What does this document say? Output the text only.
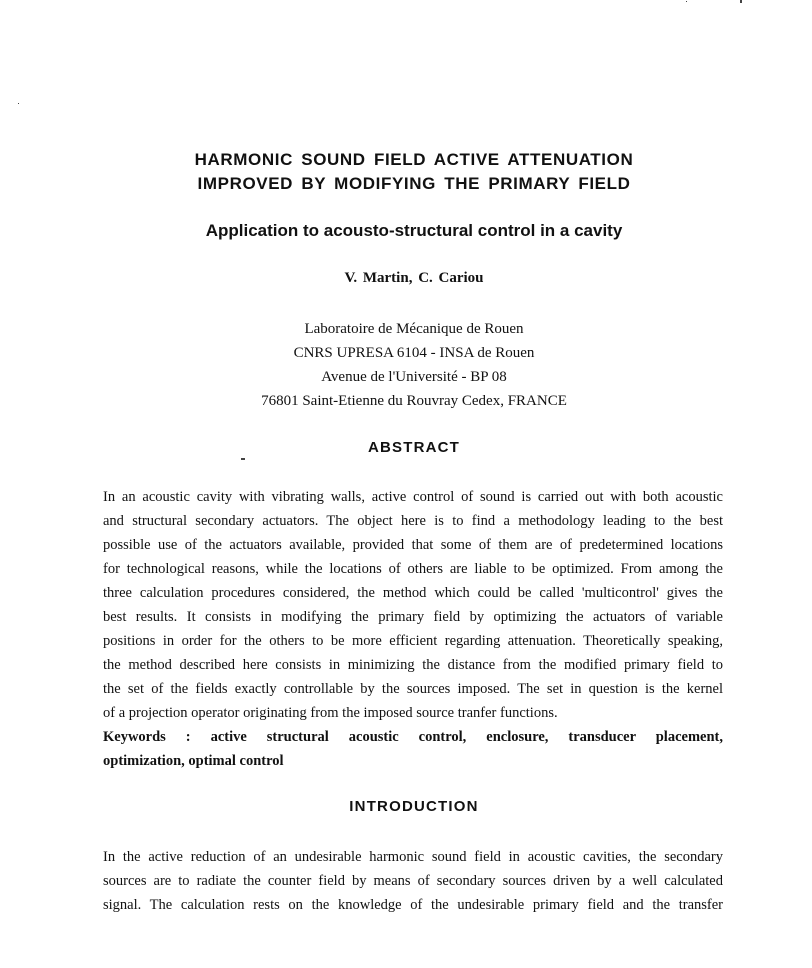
HARMONIC SOUND FIELD ACTIVE ATTENUATION
IMPROVED BY MODIFYING THE PRIMARY FIELD
Application to acousto-structural control in a cavity

V. Martin, C. Cariou

Laboratoire de Mécanique de Rouen

CNRS UPRESA 6104 - INSA de Rouen

Avenue de l'Université - BP 08

76801 Saint-Etienne du Rouvray Cedex, FRANCE

ABSTRACT

In an acoustic cavity with vibrating walls, active control of sound is carried out with both acoustic

and structural secondary actuators. The object here is to find a methodology leading to the best

possible use of the actuators available, provided that some of them are of predetermined locations

for technological reasons, while the locations of others are liable to be optimized. From among the

three calculation procedures considered, the method which could be called 'multicontrol' gives the

best results. It consists in modifying the primary field by optimizing the actuators of variable

positions in order for the others to be more efficient regarding attenuation. Theoretically speaking,

the method described here consists in minimizing the distance from the modified primary field to

the set of the fields exactly controllable by the sources imposed. The set in question is the kernel

of a projection operator originating from the imposed source tranfer functions.

Keywords : active structural acoustic control, enclosure, transducer placement,

optimization, optimal control

INTRODUCTION

In the active reduction of an undesirable harmonic sound field in acoustic cavities, the secondary

sources are to radiate the counter field by means of secondary sources driven by a well calculated

signal. The calculation rests on the knowledge of the undesirable primary field and the transfer
